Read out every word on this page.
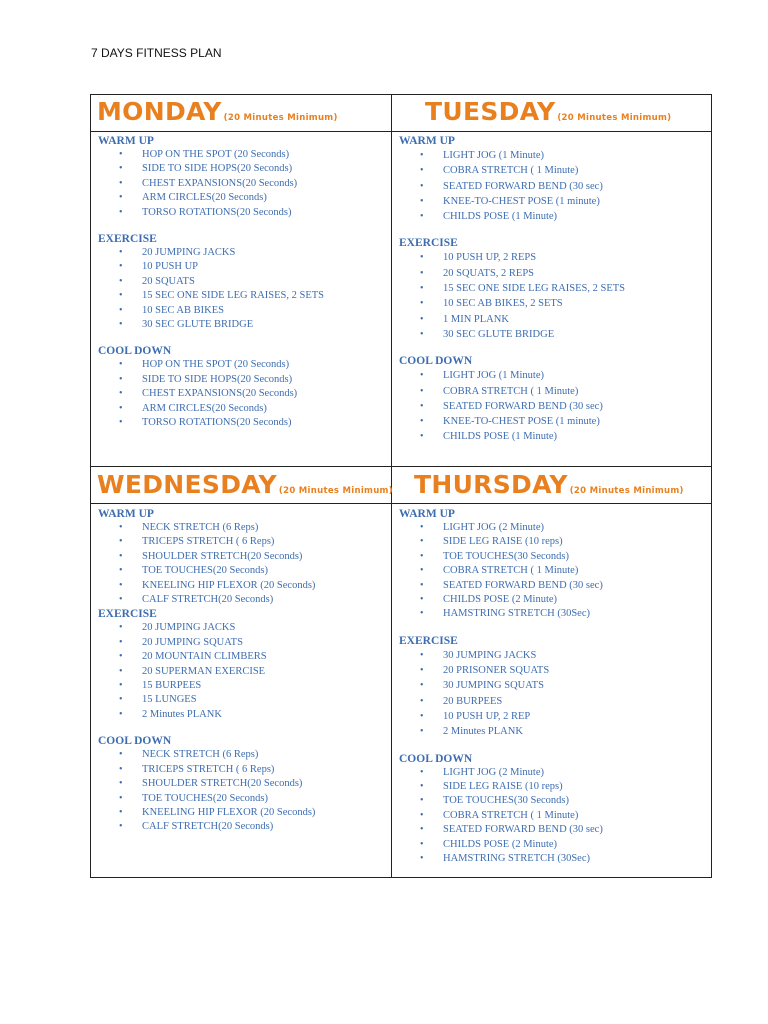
7 DAYS FITNESS PLAN
MONDAY (20 Minutes Minimum)

WARM UP

• HOP ON THE SPOT (20 Seconds)
• SIDE TO SIDE HOPS(20 Seconds)
• CHEST EXPANSIONS(20 Seconds)
• ARM CIRCLES(20 Seconds)
• TORSO ROTATIONS(20 Seconds)

EXERCISE

• 20 JUMPING JACKS
• 10 PUSH UP
• 20 SQUATS
• 15 SEC ONE SIDE LEG RAISES, 2 SETS
• 10 SEC AB BIKES
• 30 SEC GLUTE BRIDGE

COOL DOWN

• HOP ON THE SPOT (20 Seconds)
• SIDE TO SIDE HOPS(20 Seconds)
• CHEST EXPANSIONS(20 Seconds)
• ARM CIRCLES(20 Seconds)
• TORSO ROTATIONS(20 Seconds)
TUESDAY (20 Minutes Minimum)

WARM UP

• LIGHT JOG (1 Minute)
• COBRA STRETCH ( 1 Minute)
• SEATED FORWARD BEND (30 sec)
• KNEE-TO-CHEST POSE (1 minute)
• CHILDS POSE (1 Minute)

EXERCISE

• 10 PUSH UP, 2 REPS
• 20 SQUATS, 2 REPS
• 15 SEC ONE SIDE LEG RAISES, 2 SETS
• 10 SEC AB BIKES, 2 SETS
• 1 MIN PLANK
• 30 SEC GLUTE BRIDGE

COOL DOWN

• LIGHT JOG (1 Minute)
• COBRA STRETCH ( 1 Minute)
• SEATED FORWARD BEND (30 sec)
• KNEE-TO-CHEST POSE (1 minute)
• CHILDS POSE (1 Minute)
WEDNESDAY (20 Minutes Minimum)

WARM UP

• NECK STRETCH (6 Reps)
• TRICEPS STRETCH ( 6 Reps)
• SHOULDER STRETCH(20 Seconds)
• TOE TOUCHES(20 Seconds)
• KNEELING HIP FLEXOR (20 Seconds)
• CALF STRETCH(20 Seconds)

EXERCISE

• 20 JUMPING JACKS
• 20 JUMPING SQUATS
• 20 MOUNTAIN CLIMBERS
• 20 SUPERMAN EXERCISE
• 15 BURPEES
• 15 LUNGES
• 2 Minutes PLANK

COOL DOWN

• NECK STRETCH (6 Reps)
• TRICEPS STRETCH ( 6 Reps)
• SHOULDER STRETCH(20 Seconds)
• TOE TOUCHES(20 Seconds)
• KNEELING HIP FLEXOR (20 Seconds)
• CALF STRETCH(20 Seconds)
THURSDAY (20 Minutes Minimum)

WARM UP

• LIGHT JOG (2 Minute)
• SIDE LEG RAISE (10 reps)
• TOE TOUCHES(30 Seconds)
• COBRA STRETCH ( 1 Minute)
• SEATED FORWARD BEND (30 sec)
• CHILDS POSE (2 Minute)
• HAMSTRING STRETCH (30Sec)

EXERCISE

• 30 JUMPING JACKS
• 20 PRISONER SQUATS
• 30 JUMPING SQUATS
• 20 BURPEES
• 10 PUSH UP, 2 REP
• 2 Minutes PLANK

COOL DOWN

• LIGHT JOG (2 Minute)
• SIDE LEG RAISE (10 reps)
• TOE TOUCHES(30 Seconds)
• COBRA STRETCH ( 1 Minute)
• SEATED FORWARD BEND (30 sec)
• CHILDS POSE (2 Minute)
• HAMSTRING STRETCH (30Sec)
